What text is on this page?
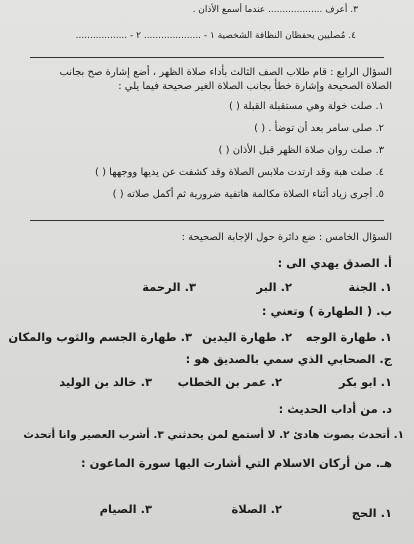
٣. أعرف ................... عندما أسمع الأذان .
٤. مُصليين يحفظان النظافة الشخصية ١ - .................... ٢ - ..................
السؤال الرابع : قام طلاب الصف الثالث بأداء صلاة الظهر ، أضع إشارة صح بجانب
الصلاة الصحيحة وإشارة خطأ بجانب الصلاة الغير صحيحة فيما يلي :
١. صلت خولة وهي مستقبلة القبلة ( )
٢. صلى سامر بعد أن توضأ . ( )
٣. صلت روان صلاة الظهر قبل الأذان ( )
٤. صلت هبة وقد ارتدت ملابس الصلاة وقد كشفت عن يديها ووجهها ( )
٥. أجرى زياد أثناء الصلاة مكالمة هاتفية ضرورية ثم أكمل صلاته ( )
السؤال الخامس : ضع دائرة حول الإجابة الصحيحة :
أ. الصدق يهدي الى :
١. الجنة
٢. البر
٣. الرحمة
ب. ( الطهارة ) وتعني :
١. طهارة الوجه
٢. طهارة اليدين
٣. طهارة الجسم والثوب والمكان
ج. الصحابي الذي سمي بالصديق هو :
١. ابو بكر
٢. عمر بن الخطاب
٣. خالد بن الوليد
د. من أداب الحديث :
١. أتحدث بصوت هادئ ٢. لا أستمع لمن يحدثني ٣. أشرب العصير وانا أتحدث
هـ. من أركان الاسلام التي أشارت اليها سورة الماعون :
١. الحج
٢. الصلاة
٣. الصيام
